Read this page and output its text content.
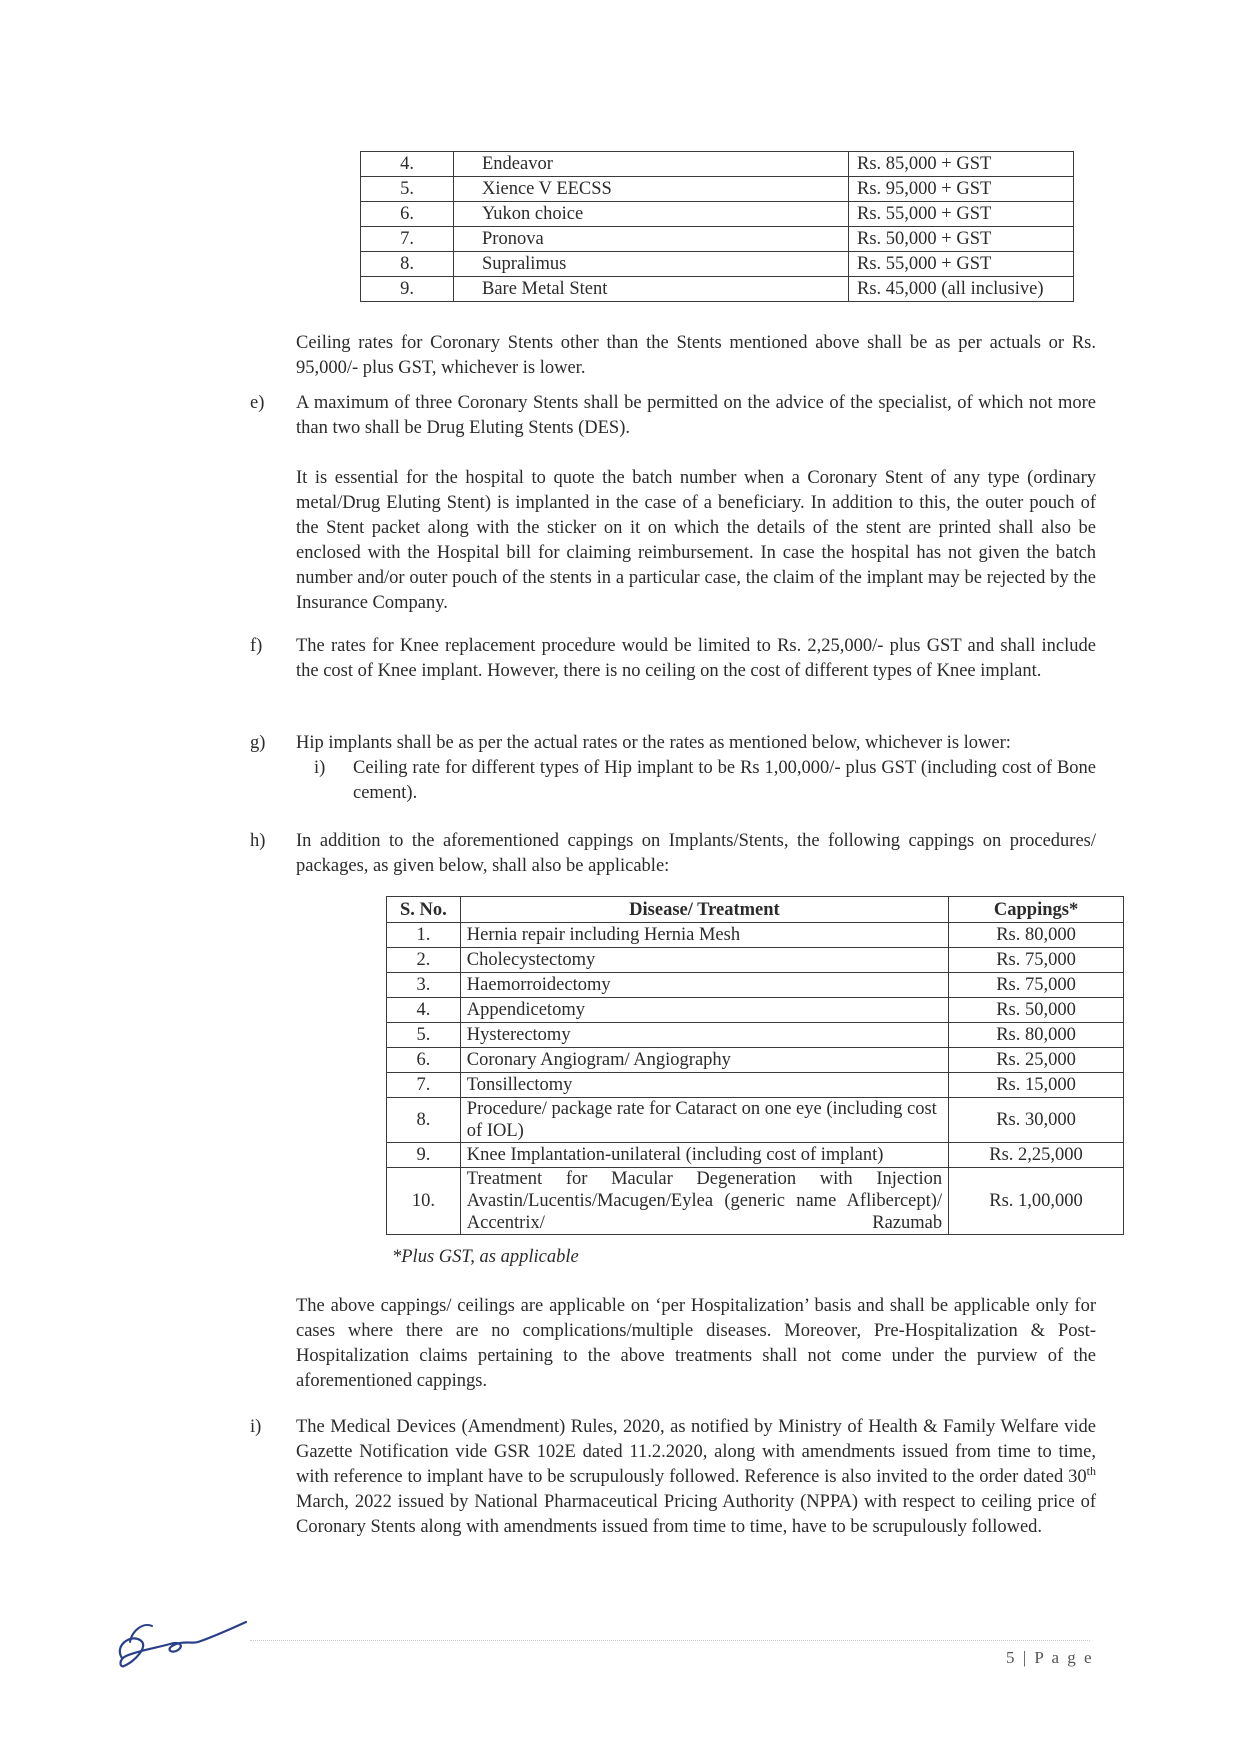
4.	Endeavor	Rs. 85,000 + GST
5.	Xience V EECSS	Rs. 95,000 + GST
6.	Yukon choice	Rs. 55,000 + GST
7.	Pronova	Rs. 50,000 + GST
8.	Supralimus	Rs. 55,000 + GST
9.	Bare Metal Stent	Rs. 45,000 (all inclusive)
Ceiling rates for Coronary Stents other than the Stents mentioned above shall be as per actuals or Rs. 95,000/- plus GST, whichever is lower.
e) A maximum of three Coronary Stents shall be permitted on the advice of the specialist, of which not more than two shall be Drug Eluting Stents (DES).
It is essential for the hospital to quote the batch number when a Coronary Stent of any type (ordinary metal/Drug Eluting Stent) is implanted in the case of a beneficiary. In addition to this, the outer pouch of the Stent packet along with the sticker on it on which the details of the stent are printed shall also be enclosed with the Hospital bill for claiming reimbursement. In case the hospital has not given the batch number and/or outer pouch of the stents in a particular case, the claim of the implant may be rejected by the Insurance Company.
f) The rates for Knee replacement procedure would be limited to Rs. 2,25,000/- plus GST and shall include the cost of Knee implant. However, there is no ceiling on the cost of different types of Knee implant.
g) Hip implants shall be as per the actual rates or the rates as mentioned below, whichever is lower:
i) Ceiling rate for different types of Hip implant to be Rs 1,00,000/- plus GST (including cost of Bone cement).
h) In addition to the aforementioned cappings on Implants/Stents, the following cappings on procedures/ packages, as given below, shall also be applicable:
S. No.	Disease/ Treatment	Cappings*
1.	Hernia repair including Hernia Mesh	Rs. 80,000
2.	Cholecystectomy	Rs. 75,000
3.	Haemorroidectomy	Rs. 75,000
4.	Appendicetomy	Rs. 50,000
5.	Hysterectomy	Rs. 80,000
6.	Coronary Angiogram/ Angiography	Rs. 25,000
7.	Tonsillectomy	Rs. 15,000
8.	Procedure/ package rate for Cataract on one eye (including cost of IOL)	Rs. 30,000
9.	Knee Implantation-unilateral (including cost of implant)	Rs. 2,25,000
10.	Treatment for Macular Degeneration with Injection Avastin/Lucentis/Macugen/Eylea (generic name Aflibercept)/ Accentrix/ Razumab	Rs. 1,00,000
*Plus GST, as applicable
The above cappings/ ceilings are applicable on ‘per Hospitalization’ basis and shall be applicable only for cases where there are no complications/multiple diseases. Moreover, Pre-Hospitalization & Post-Hospitalization claims pertaining to the above treatments shall not come under the purview of the aforementioned cappings.
i) The Medical Devices (Amendment) Rules, 2020, as notified by Ministry of Health & Family Welfare vide Gazette Notification vide GSR 102E dated 11.2.2020, along with amendments issued from time to time, with reference to implant have to be scrupulously followed. Reference is also invited to the order dated 30th March, 2022 issued by National Pharmaceutical Pricing Authority (NPPA) with respect to ceiling price of Coronary Stents along with amendments issued from time to time, have to be scrupulously followed.
5 | P a g e
